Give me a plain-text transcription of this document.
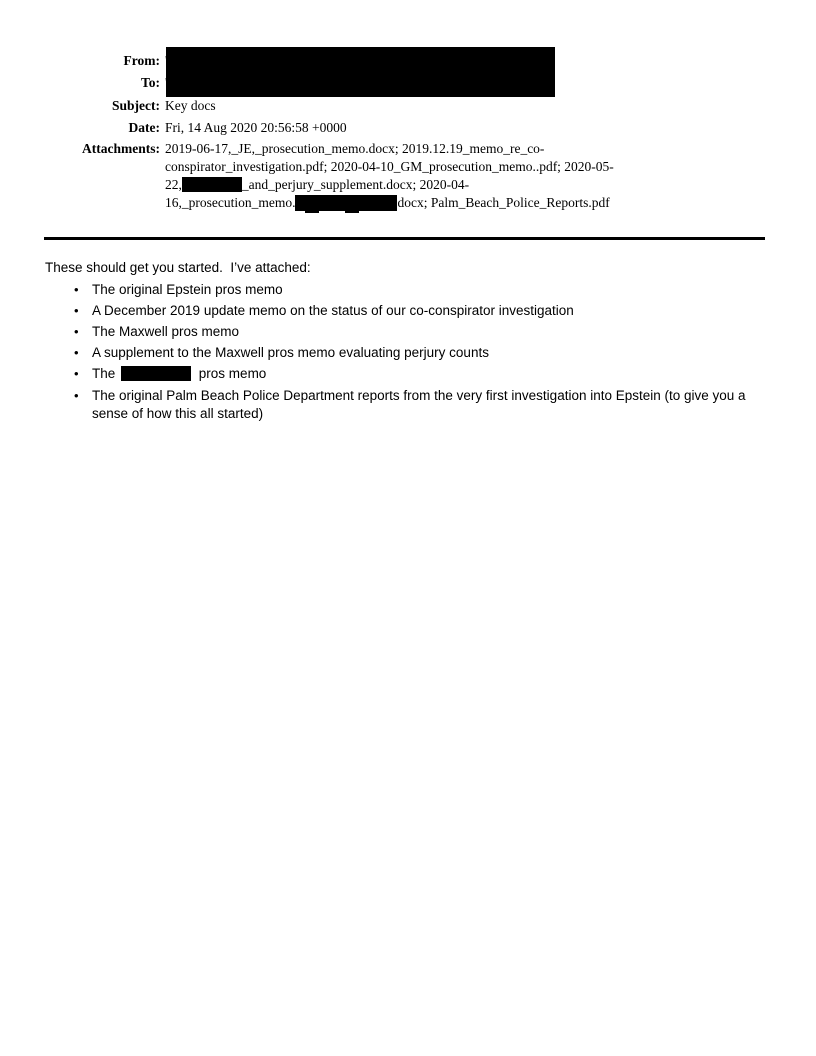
From:
To:
Subject: Key docs
Date: Fri, 14 Aug 2020 20:56:58 +0000
Attachments: 2019-06-17,_JE,_prosecution_memo.docx; 2019.12.19_memo_re_co-
conspirator_investigation.pdf; 2020-04-10_GM_prosecution_memo..pdf; 2020-05-
22,	_and_perjury_supplement.docx; 2020-04-
16,_prosecution_memo.	docx; Palm_Beach_Police_Reports.pdf
These should get you started.  I’ve attached:
• The original Epstein pros memo
• A December 2019 update memo on the status of our co-conspirator investigation
• The Maxwell pros memo
• A supplement to the Maxwell pros memo evaluating perjury counts
• The	pros memo
• The original Palm Beach Police Department reports from the very first investigation into Epstein (to give you a
sense of how this all started)
